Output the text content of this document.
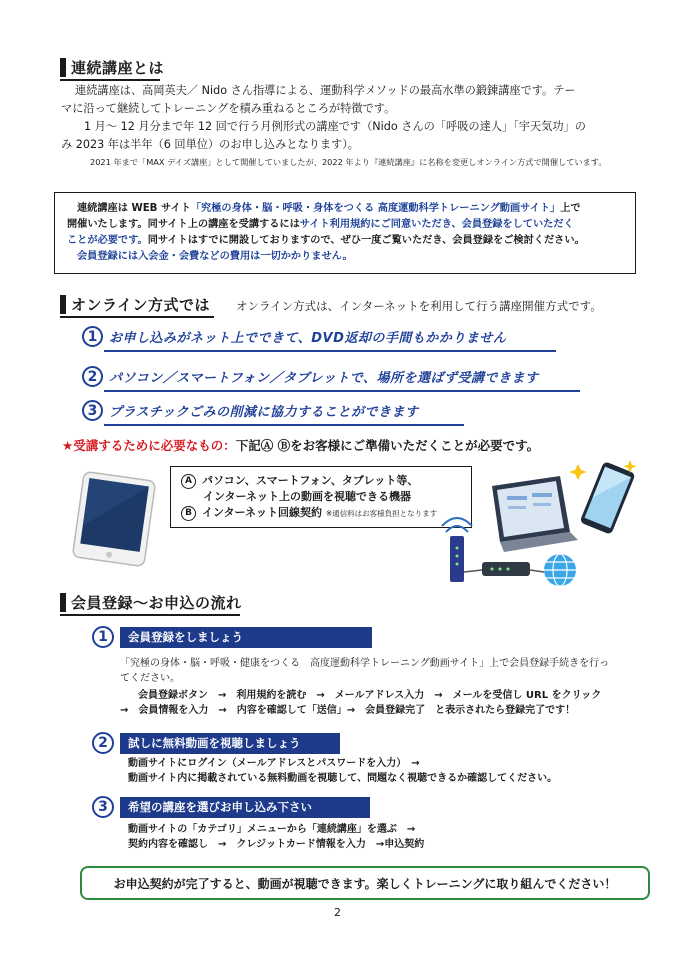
連続講座とは
連続講座は、高岡英夫／ Nido さん指導による、運動科学メソッドの最高水準の鍛錬講座です。テー
マに沿って継続してトレーニングを積み重ねるところが特徴です。
1 月～ 12 月分まで年 12 回で行う月例形式の講座です（Nido さんの「呼吸の達人」「宇天気功」の
み 2023 年は半年（6 回単位）のお申し込みとなります）。
2021 年まで「MAX デイズ講座」として開催していましたが、2022 年より『連続講座』に名称を変更しオンライン方式で開催しています。
連続講座は WEB サイト「究極の身体・脳・呼吸・身体をつくる 高度運動科学トレーニング動画サイト」上で
開催いたします。同サイト上の講座を受講するにはサイト利用規約にご同意いただき、会員登録をしていただく
ことが必要です。同サイトはすでに開設しておりますので、ぜひ一度ご覧いただき、会員登録をご検討ください。
会員登録には入会金・会費などの費用は一切かかりません。
オンライン方式では オンライン方式は、インターネットを利用して行う講座開催方式です。
1 お申し込みがネット上でできて、DVD返却の手間もかかりません
2 パソコン／スマートフォン／タブレットで、場所を選ばず受講できます
3 プラスチックごみの削減に協力することができます
★受講するために必要なもの：下記Ⓐ Ⓑをお客様にご準備いただくことが必要です。
A パソコン、スマートフォン、タブレット等、
インターネット上の動画を視聴できる機器
B インターネット回線契約 ※通信料はお客様負担となります
会員登録～お申込の流れ
1	会員登録をしましょう
「究極の身体・脳・呼吸・健康をつくる　高度運動科学トレーニング動画サイト」上で会員登録手続きを行っ
てください。
会員登録ボタン　→　利用規約を読む　→　メールアドレス入力　→　メールを受信し URL をクリック
→　会員情報を入力　→　内容を確認して「送信」→　会員登録完了　と表示されたら登録完了です！
2	試しに無料動画を視聴しましょう
動画サイトにログイン（メールアドレスとパスワードを入力）　→
動画サイト内に掲載されている無料動画を視聴して、問題なく視聴できるか確認してください。
3	希望の講座を選びお申し込み下さい
動画サイトの「カテゴリ」メニューから「連続講座」を選ぶ　→
契約内容を確認し　→　クレジットカード情報を入力　→申込契約
お申込契約が完了すると、動画が視聴できます。楽しくトレーニングに取り組んでください！
2
